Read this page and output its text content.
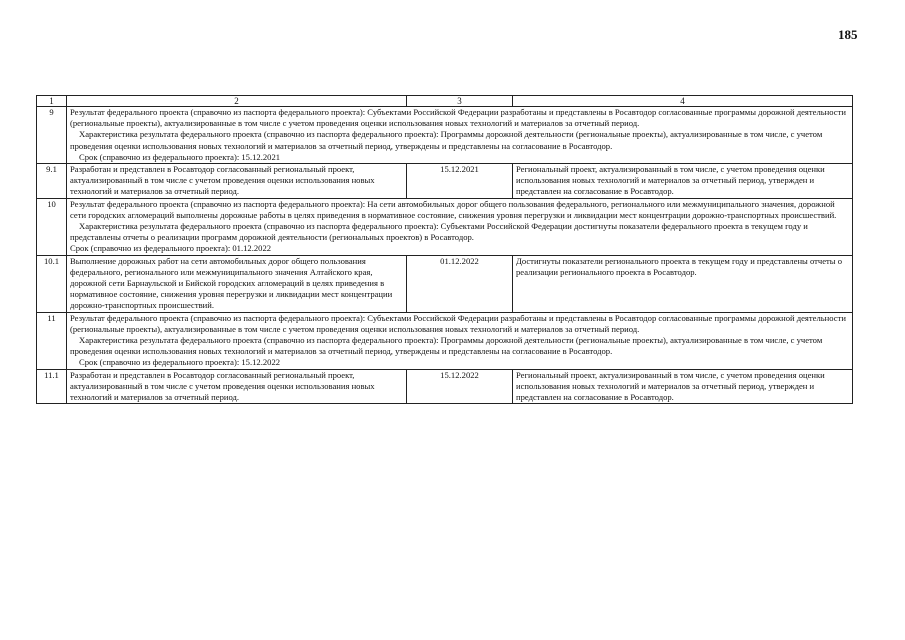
185
1	2	3	4
9	Результат федерального проекта (справочно из паспорта федерального проекта): Субъектами Российской Федерации разработаны и представлены в Росавтодор согласованные программы дорожной деятельности (региональные проекты), актуализированные в том числе с учетом проведения оценки использования новых технологий и материалов за отчетный период.
Характеристика результата федерального проекта (справочно из паспорта федерального проекта): Программы дорожной деятельности (региональные проекты), актуализированные в том числе, с учетом проведения оценки использования новых технологий и материалов за отчетный период, утверждены и представлены на согласование в Росавтодор.
Срок (справочно из федерального проекта): 15.12.2021		

9.1	Разработан и представлен в Росавтодор согласованный региональный проект, актуализированный в том числе с учетом проведения оценки использования новых технологий и материалов за отчетный период.	15.12.2021	Региональный проект, актуализированный в том числе, с учетом проведения оценки использования новых технологий и материалов за отчетный период, утвержден и представлен на согласование в Росавтодор.
10	Результат федерального проекта (справочно из паспорта федерального проекта): На сети автомобильных дорог общего пользования федерального, регионального или межмуниципального значения, дорожной сети городских агломераций выполнены дорожные работы в целях приведения в нормативное состояние, снижения уровня перегрузки и ликвидации мест концентрации дорожно-транспортных происшествий.
Характеристика результата федерального проекта (справочно из паспорта федерального проекта): Субъектами Российской Федерации достигнуты показатели федерального проекта в текущем году и представлены отчеты о реализации программ дорожной деятельности (региональных проектов) в Росавтодор.
Срок (справочно из федерального проекта): 01.12.2022		

10.1	Выполнение дорожных работ на сети автомобильных дорог общего пользования федерального, регионального или межмуниципального значения Алтайского края, дорожной сети Барнаульской и Бийской городских агломераций в целях приведения в нормативное состояние, снижения уровня перегрузки и ликвидации мест концентрации дорожно-транспортных происшествий.	01.12.2022	Достигнуты показатели регионального проекта в текущем году и представлены отчеты о реализации регионального проекта в Росавтодор.
11	Результат федерального проекта (справочно из паспорта федерального проекта): Субъектами Российской Федерации разработаны и представлены в Росавтодор согласованные программы дорожной деятельности (региональные проекты), актуализированные в том числе с учетом проведения оценки использования новых технологий и материалов за отчетный период.
Характеристика результата федерального проекта (справочно из паспорта федерального проекта): Программы дорожной деятельности (региональные проекты), актуализированные в том числе, с учетом проведения оценки использования новых технологий и материалов за отчетный период, утверждены и представлены на согласование в Росавтодор.
Срок (справочно из федерального проекта): 15.12.2022		

11.1	Разработан и представлен в Росавтодор согласованный региональный проект, актуализированный в том числе с учетом проведения оценки использования новых технологий и материалов за отчетный период.	15.12.2022	Региональный проект, актуализированный в том числе, с учетом проведения оценки использования новых технологий и материалов за отчетный период, утвержден и представлен на согласование в Росавтодор.
